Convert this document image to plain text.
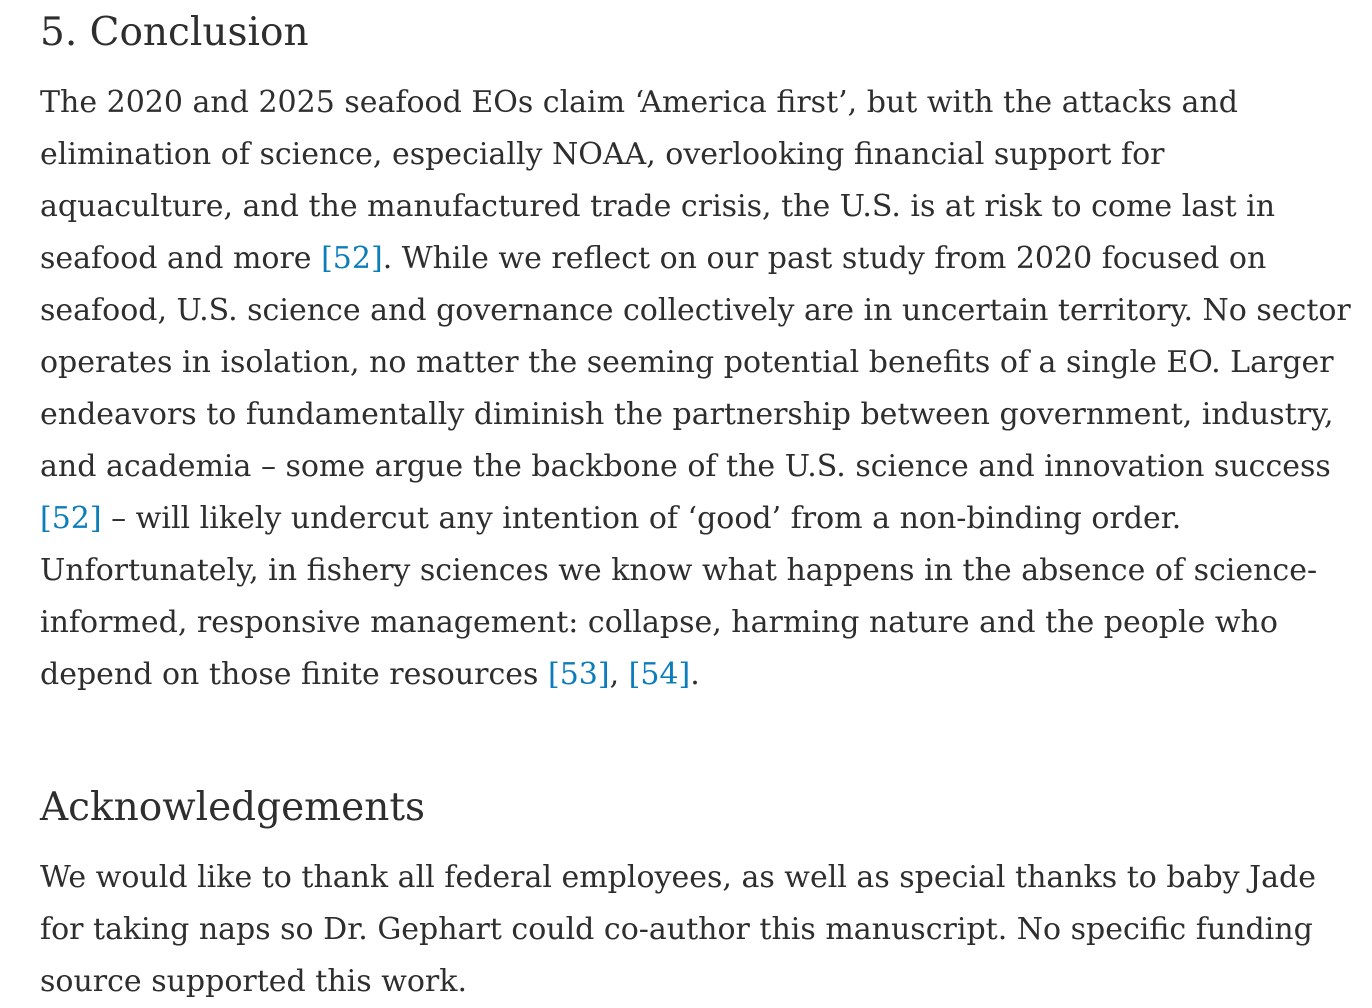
5. Conclusion

The 2020 and 2025 seafood EOs claim ‘America first’, but with the attacks and elimination of science, especially NOAA, overlooking financial support for aquaculture, and the manufactured trade crisis, the U.S. is at risk to come last in seafood and more [52]. While we reflect on our past study from 2020 focused on seafood, U.S. science and governance collectively are in uncertain territory. No sector operates in isolation, no matter the seeming potential benefits of a single EO. Larger endeavors to fundamentally diminish the partnership between government, industry, and academia – some argue the backbone of the U.S. science and innovation success [52] – will likely undercut any intention of ‘good’ from a non-binding order. Unfortunately, in fishery sciences we know what happens in the absence of science-informed, responsive management: collapse, harming nature and the people who depend on those finite resources [53], [54].

Acknowledgements

We would like to thank all federal employees, as well as special thanks to baby Jade for taking naps so Dr. Gephart could co-author this manuscript. No specific funding source supported this work.
